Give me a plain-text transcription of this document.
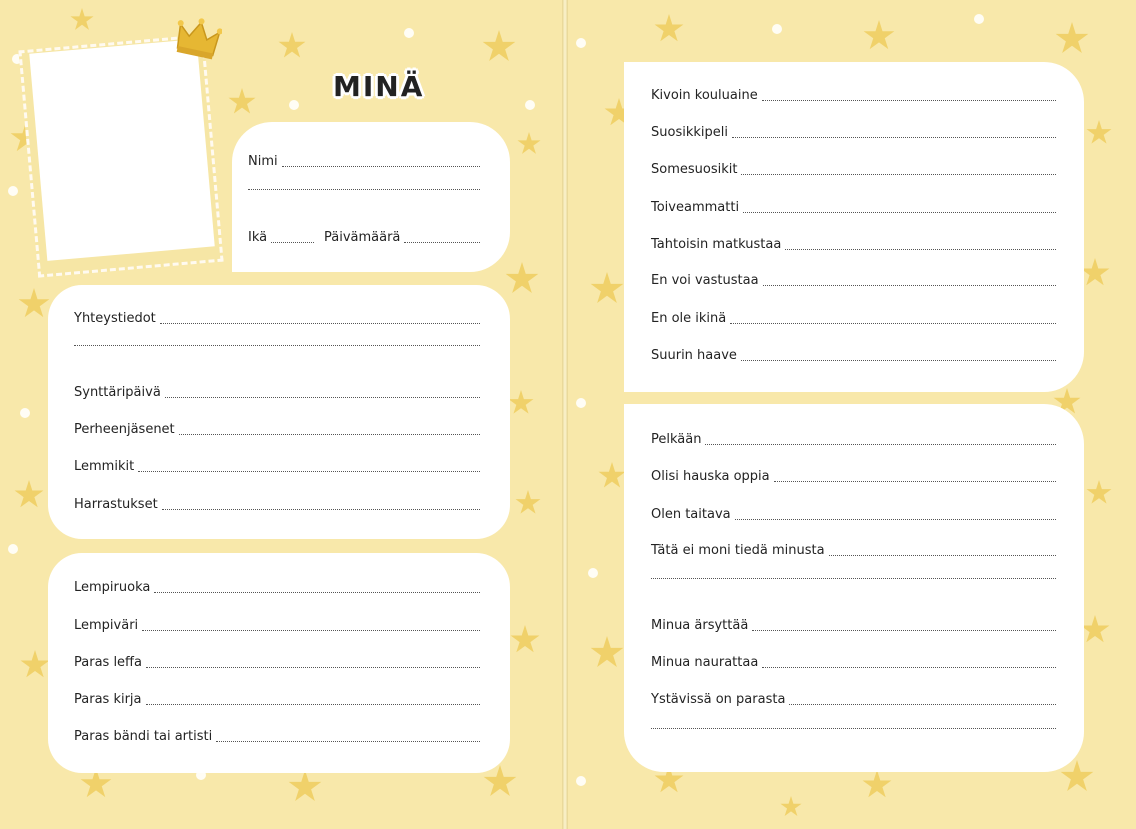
MINÄ
Nimi
Ikä	Päivämäärä
Yhteystiedot
Synttäripäivä
Perheenjäsenet
Lemmikit
Harrastukset
Lempiruoka
Lempiväri
Paras leffa
Paras kirja
Paras bändi tai artisti
Kivoin kouluaine
Suosikkipeli
Somesuosikit
Toiveammatti
Tahtoisin matkustaa
En voi vastustaa
En ole ikinä
Suurin haave
Pelkään
Olisi hauska oppia
Olen taitava
Tätä ei moni tiedä minusta
Minua ärsyttää
Minua naurattaa
Ystävissä on parasta
